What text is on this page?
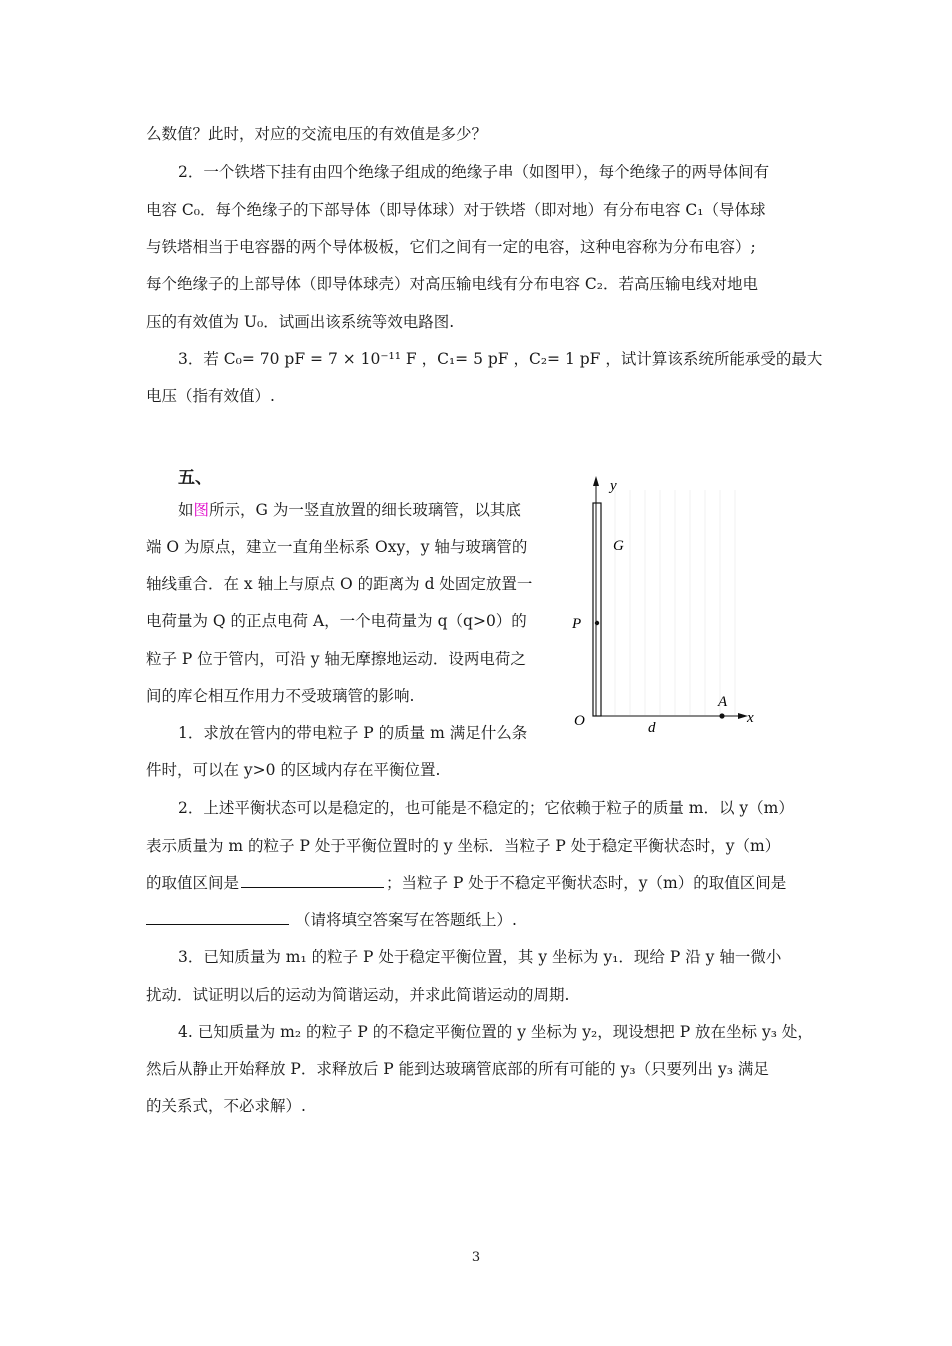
么数值？此时，对应的交流电压的有效值是多少？
2．一个铁塔下挂有由四个绝缘子组成的绝缘子串（如图甲），每个绝缘子的两导体间有
电容 C₀．每个绝缘子的下部导体（即导体球）对于铁塔（即对地）有分布电容 C₁（导体球
与铁塔相当于电容器的两个导体极板，它们之间有一定的电容，这种电容称为分布电容）;
每个绝缘子的上部导体（即导体球壳）对高压输电线有分布电容 C₂．若高压输电线对地电
压的有效值为 U₀．试画出该系统等效电路图.
3．若 C₀= 70 pF = 7 × 10⁻¹¹ F ，C₁= 5 pF ，C₂= 1 pF ，试计算该系统所能承受的最大
电压（指有效值）.
五、
如图所示，G 为一竖直放置的细长玻璃管，以其底
端 O 为原点，建立一直角坐标系 Oxy，y 轴与玻璃管的
轴线重合．在 x 轴上与原点 O 的距离为 d 处固定放置一
电荷量为 Q 的正点电荷 A，一个电荷量为 q（q>0）的
粒子 P 位于管内，可沿 y 轴无摩擦地运动．设两电荷之
间的库仑相互作用力不受玻璃管的影响.
1．求放在管内的带电粒子 P 的质量 m 满足什么条
件时，可以在 y>0 的区域内存在平衡位置.
y
x
G
P
O
A
d
2．上述平衡状态可以是稳定的，也可能是不稳定的；它依赖于粒子的质量 m．以 y（m）
表示质量为 m 的粒子 P 处于平衡位置时的 y 坐标．当粒子 P 处于稳定平衡状态时，y（m）
的取值区间是	；当粒子 P 处于不稳定平衡状态时，y（m）的取值区间是
（请将填空答案写在答题纸上）.
3．已知质量为 m₁ 的粒子 P 处于稳定平衡位置，其 y 坐标为 y₁．现给 P 沿 y 轴一微小
扰动．试证明以后的运动为简谐运动，并求此简谐运动的周期.
4. 已知质量为 m₂ 的粒子 P 的不稳定平衡位置的 y 坐标为 y₂，现设想把 P 放在坐标 y₃ 处，
然后从静止开始释放 P．求释放后 P 能到达玻璃管底部的所有可能的 y₃（只要列出 y₃ 满足
的关系式，不必求解）.
3
